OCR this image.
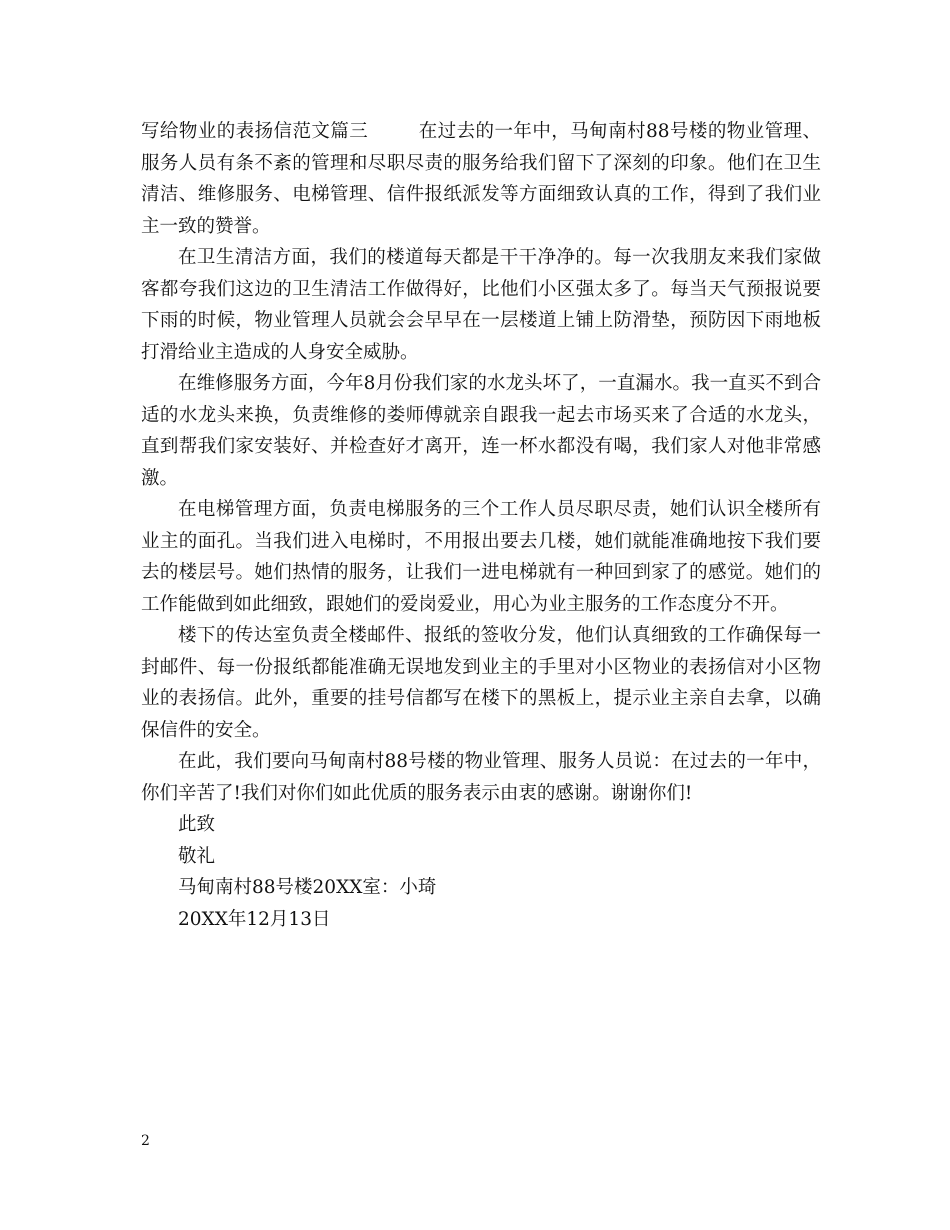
写给物业的表扬信范文篇三	在过去的一年中，马甸南村88号楼的物业管理、服务人员有条不紊的管理和尽职尽责的服务给我们留下了深刻的印象。他们在卫生清洁、维修服务、电梯管理、信件报纸派发等方面细致认真的工作，得到了我们业主一致的赞誉。

在卫生清洁方面，我们的楼道每天都是干干净净的。每一次我朋友来我们家做客都夸我们这边的卫生清洁工作做得好，比他们小区强太多了。每当天气预报说要下雨的时候，物业管理人员就会会早早在一层楼道上铺上防滑垫，预防因下雨地板打滑给业主造成的人身安全威胁。

在维修服务方面，今年8月份我们家的水龙头坏了，一直漏水。我一直买不到合适的水龙头来换，负责维修的娄师傅就亲自跟我一起去市场买来了合适的水龙头，直到帮我们家安装好、并检查好才离开，连一杯水都没有喝，我们家人对他非常感激。

在电梯管理方面，负责电梯服务的三个工作人员尽职尽责，她们认识全楼所有业主的面孔。当我们进入电梯时，不用报出要去几楼，她们就能准确地按下我们要去的楼层号。她们热情的服务，让我们一进电梯就有一种回到家了的感觉。她们的工作能做到如此细致，跟她们的爱岗爱业，用心为业主服务的工作态度分不开。

楼下的传达室负责全楼邮件、报纸的签收分发，他们认真细致的工作确保每一封邮件、每一份报纸都能准确无误地发到业主的手里对小区物业的表扬信对小区物业的表扬信。此外，重要的挂号信都写在楼下的黑板上，提示业主亲自去拿，以确保信件的安全。

在此，我们要向马甸南村88号楼的物业管理、服务人员说：在过去的一年中，你们辛苦了!我们对你们如此优质的服务表示由衷的感谢。谢谢你们!

此致

敬礼

马甸南村88号楼20XX室：小琦

20XX年12月13日

2
